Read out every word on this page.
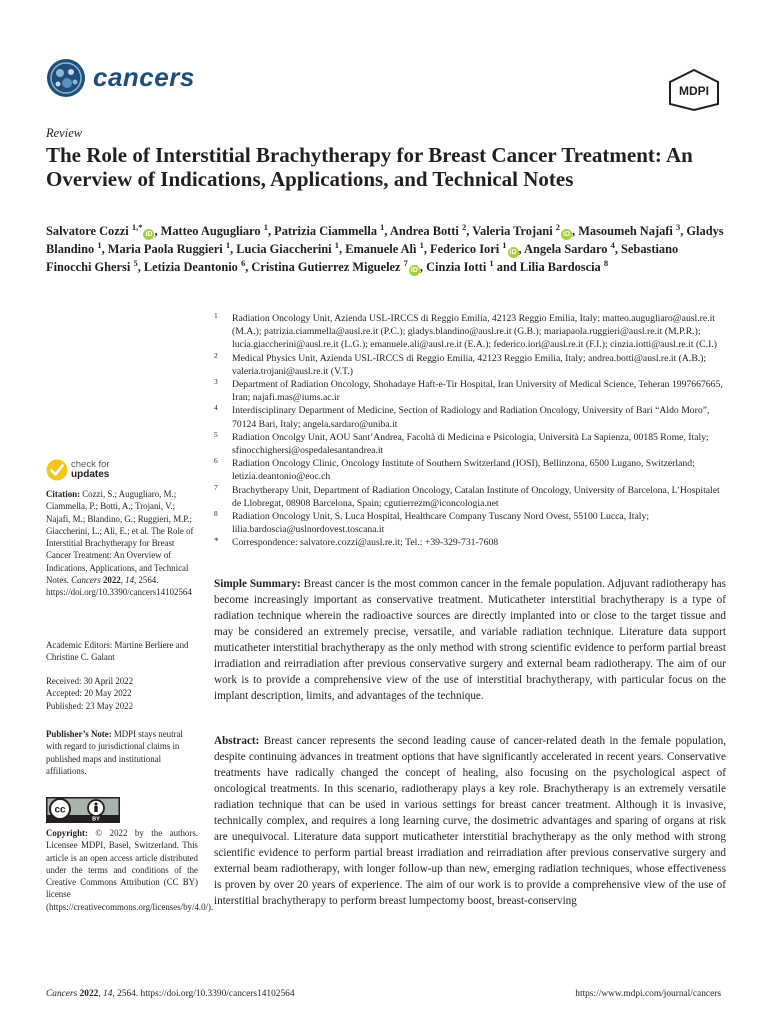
cancers	MDPI
Review
The Role of Interstitial Brachytherapy for Breast Cancer Treatment: An Overview of Indications, Applications, and Technical Notes
Salvatore Cozzi $^{1,*}$iD , Matteo Augugliaro $^1$, Patrizia Ciammella $^1$, Andrea Botti $^2$, Valeria Trojani $^2$iD , Masoumeh Najafi $^3$, Gladys Blandino $^1$, Maria Paola Ruggieri $^1$, Lucia Giaccherini $^1$, Emanuele Alì $^1$, Federico Iori $^1$iD , Angela Sardaro $^4$, Sebastiano Finocchi Ghersi $^5$, Letizia Deantonio $^6$, Cristina Gutierrez Miguelez $^7$iD , Cinzia Iotti $^1$ and Lilia Bardoscia $^8$
1 Radiation Oncology Unit, Azienda USL-IRCCS di Reggio Emilia, 42123 Reggio Emilia, Italy; matteo.augugliaro@ausl.re.it (M.A.); patrizia.ciammella@ausl.re.it (P.C.); gladys.blandino@ausl.re.it (G.B.); mariapaola.ruggieri@ausl.re.it (M.P.R.); lucia.giaccherini@ausl.re.it (L.G.); emanuele.ali@ausl.re.it (E.A.); federico.iori@ausl.re.it (F.I.); cinzia.iotti@ausl.re.it (C.I.)
2 Medical Physics Unit, Azienda USL-IRCCS di Reggio Emilia, 42123 Reggio Emilia, Italy; andrea.botti@ausl.re.it (A.B.); valeria.trojani@ausl.re.it (V.T.)
3 Department of Radiation Oncology, Shohadaye Haft-e-Tir Hospital, Iran University of Medical Science, Teheran 1997667665, Iran; najafi.mas@iums.ac.ir
4 Interdisciplinary Department of Medicine, Section of Radiology and Radiation Oncology, University of Bari “Aldo Moro”, 70124 Bari, Italy; angela.sardaro@uniba.it
5 Radiation Oncolgy Unit, AOU Sant’Andrea, Facoltà di Medicina e Psicologia, Università La Sapienza, 00185 Rome, Italy; sfinocchighersi@ospedalesantandrea.it
6 Radiation Oncology Clinic, Oncology Institute of Southern Switzerland (IOSI), Bellinzona, 6500 Lugano, Switzerland; letizia.deantonio@eoc.ch
7 Brachytherapy Unit, Department of Radiation Oncology, Catalan Institute of Oncology, University of Barcelona, L’Hospitalet de Llobregat, 08908 Barcelona, Spain; cgutierrezm@iconcologia.net
8 Radiation Oncology Unit, S. Luca Hospital, Healthcare Company Tuscany Nord Ovest, 55100 Lucca, Italy; lilia.bardoscia@uslnordovest.toscana.it
* Correspondence: salvatore.cozzi@ausl.re.it; Tel.: +39-329-731-7608
check for
updates
Citation: Cozzi, S.; Augugliaro, M.; Ciammella, P.; Botti, A.; Trojani, V.; Najafi, M.; Blandino, G.; Ruggieri, M.P.; Giaccherini, L.; Alì, E.; et al. The Role of Interstitial Brachytherapy for Breast Cancer Treatment: An Overview of Indications, Applications, and Technical Notes. Cancers 2022, 14, 2564. https://doi.org/10.3390/cancers14102564
Academic Editors: Martine Berliere and Christine C. Galant
Received: 30 April 2022
Accepted: 20 May 2022
Published: 23 May 2022
Publisher’s Note: MDPI stays neutral with regard to jurisdictional claims in published maps and institutional affiliations.
cc
BY
Copyright: © 2022 by the authors. Licensee MDPI, Basel, Switzerland. This article is an open access article distributed under the terms and conditions of the Creative Commons Attribution (CC BY) license (https://creativecommons.org/licenses/by/4.0/).
Simple Summary: Breast cancer is the most common cancer in the female population. Adjuvant radiotherapy has become increasingly important as conservative treatment. Muticatheter interstitial brachytherapy is a type of radiation technique wherein the radioactive sources are directly implanted into or close to the target tissue and may be considered an extremely precise, versatile, and variable radiation technique. Literature data support muticatheter interstitial brachytherapy as the only method with strong scientific evidence to perform partial breast irradiation and reirradiation after previous conservative surgery and external beam radiotherapy. The aim of our work is to provide a comprehensive view of the use of interstitial brachytherapy, with particular focus on the implant description, limits, and advantages of the technique.
Abstract: Breast cancer represents the second leading cause of cancer-related death in the female population, despite continuing advances in treatment options that have significantly accelerated in recent years. Conservative treatments have radically changed the concept of healing, also focusing on the psychological aspect of oncological treatments. In this scenario, radiotherapy plays a key role. Brachytherapy is an extremely versatile radiation technique that can be used in various settings for breast cancer treatment. Although it is invasive, technically complex, and requires a long learning curve, the dosimetric advantages and sparing of organs at risk are unequivocal. Literature data support muticatheter interstitial brachytherapy as the only method with strong scientific evidence to perform partial breast irradiation and reirradiation after previous conservative surgery and external beam radiotherapy, with longer follow-up than new, emerging radiation techniques, whose effectiveness is proven by over 20 years of experience. The aim of our work is to provide a comprehensive view of the use of interstitial brachytherapy to perform breast lumpectomy boost, breast-conserving
Cancers 2022, 14, 2564. https://doi.org/10.3390/cancers14102564	https://www.mdpi.com/journal/cancers
